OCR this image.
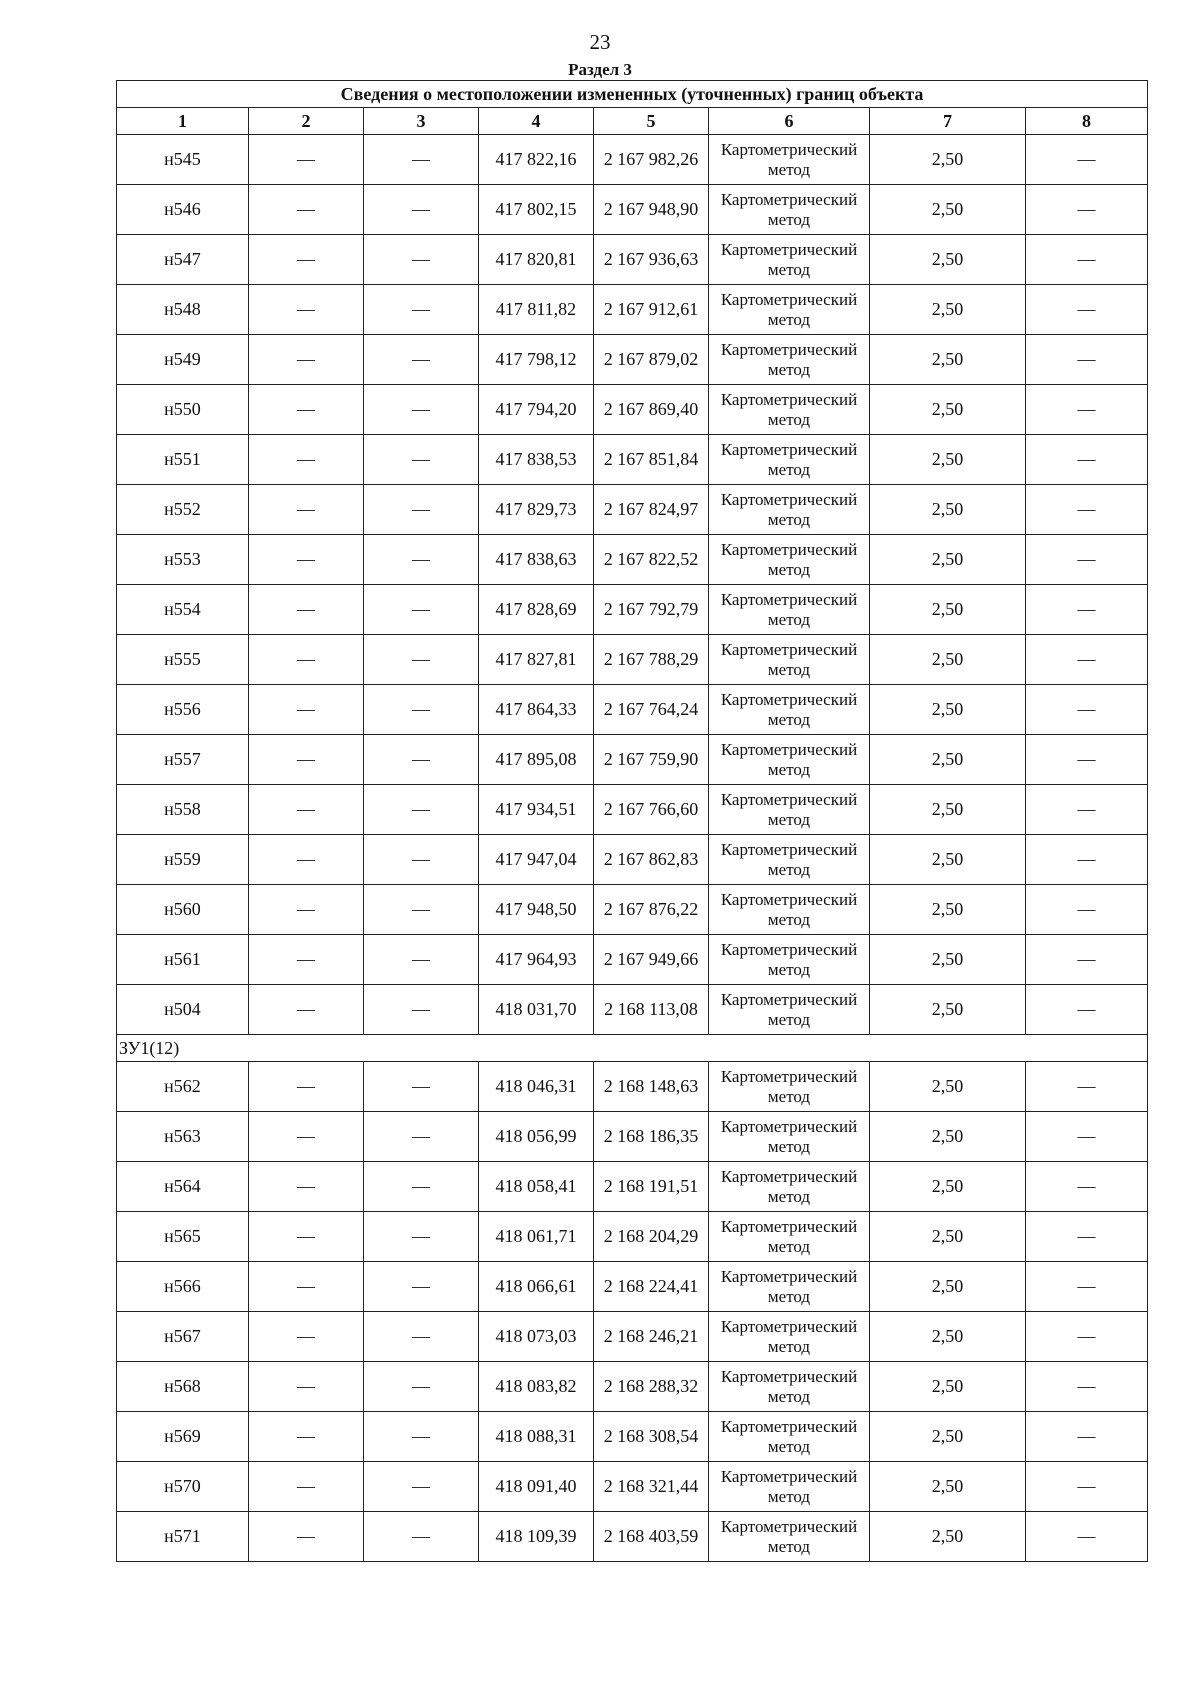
23
Раздел 3
Сведения о местоположении измененных (уточненных) границ объекта							
1	2	3	4	5	6	7	8
н545	—	—	417 822,16	2 167 982,26	Картометрический метод	2,50	—
н546	—	—	417 802,15	2 167 948,90	Картометрический метод	2,50	—
н547	—	—	417 820,81	2 167 936,63	Картометрический метод	2,50	—
н548	—	—	417 811,82	2 167 912,61	Картометрический метод	2,50	—
н549	—	—	417 798,12	2 167 879,02	Картометрический метод	2,50	—
н550	—	—	417 794,20	2 167 869,40	Картометрический метод	2,50	—
н551	—	—	417 838,53	2 167 851,84	Картометрический метод	2,50	—
н552	—	—	417 829,73	2 167 824,97	Картометрический метод	2,50	—
н553	—	—	417 838,63	2 167 822,52	Картометрический метод	2,50	—
н554	—	—	417 828,69	2 167 792,79	Картометрический метод	2,50	—
н555	—	—	417 827,81	2 167 788,29	Картометрический метод	2,50	—
н556	—	—	417 864,33	2 167 764,24	Картометрический метод	2,50	—
н557	—	—	417 895,08	2 167 759,90	Картометрический метод	2,50	—
н558	—	—	417 934,51	2 167 766,60	Картометрический метод	2,50	—
н559	—	—	417 947,04	2 167 862,83	Картометрический метод	2,50	—
н560	—	—	417 948,50	2 167 876,22	Картометрический метод	2,50	—
н561	—	—	417 964,93	2 167 949,66	Картометрический метод	2,50	—
н504	—	—	418 031,70	2 168 113,08	Картометрический метод	2,50	—
ЗУ1(12)							
н562	—	—	418 046,31	2 168 148,63	Картометрический метод	2,50	—
н563	—	—	418 056,99	2 168 186,35	Картометрический метод	2,50	—
н564	—	—	418 058,41	2 168 191,51	Картометрический метод	2,50	—
н565	—	—	418 061,71	2 168 204,29	Картометрический метод	2,50	—
н566	—	—	418 066,61	2 168 224,41	Картометрический метод	2,50	—
н567	—	—	418 073,03	2 168 246,21	Картометрический метод	2,50	—
н568	—	—	418 083,82	2 168 288,32	Картометрический метод	2,50	—
н569	—	—	418 088,31	2 168 308,54	Картометрический метод	2,50	—
н570	—	—	418 091,40	2 168 321,44	Картометрический метод	2,50	—
н571	—	—	418 109,39	2 168 403,59	Картометрический метод	2,50	—
